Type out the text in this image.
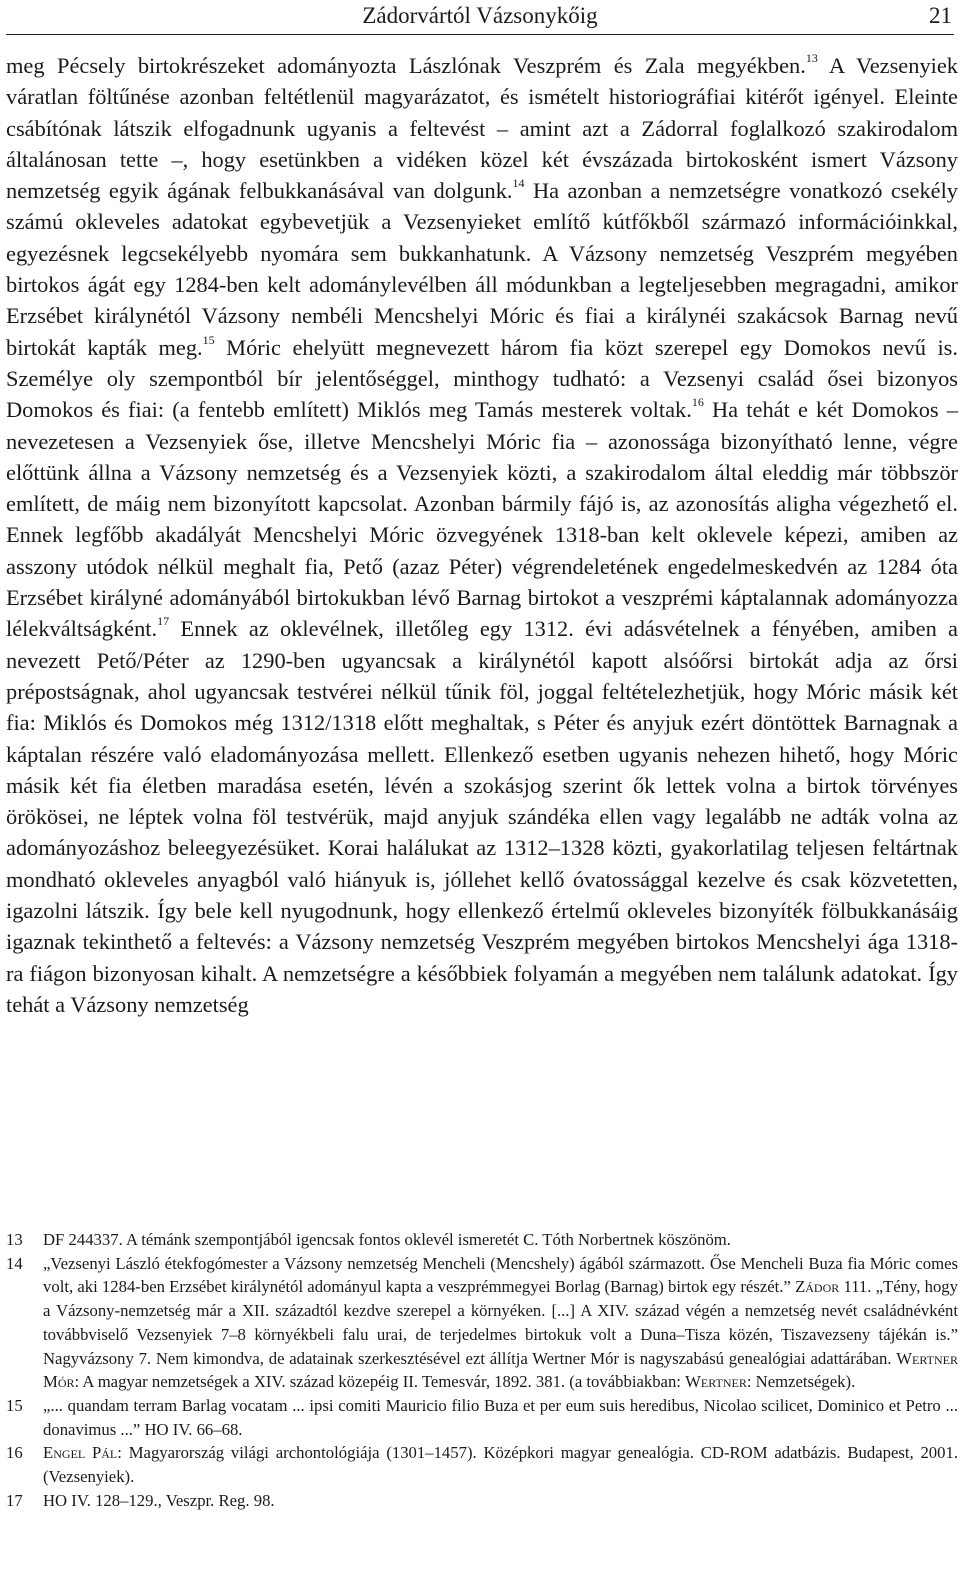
Zádorvártól Vázsonykőig	21

meg Pécsely birtokrészeket adományozta Lászlónak Veszprém és Zala megyékben.$^{13}$ A Vezsenyiek váratlan föltűnése azonban feltétlenül magyarázatot, és ismételt historiográfiai kitérőt igényel. Eleinte csábítónak látszik elfogadnunk ugyanis a feltevést – amint azt a Zádorral foglalkozó szakirodalom általánosan tette –, hogy esetünkben a vidéken közel két évszázada birtokosként ismert Vázsony nemzetség egyik ágának felbukkanásával van dolgunk.$^{14}$ Ha azonban a nemzetségre vonatkozó csekély számú okleveles adatokat egybevetjük a Vezsenyieket említő kútfőkből származó információinkkal, egyezésnek legcsekélyebb nyomára sem bukkanhatunk. A Vázsony nemzetség Veszprém megyében birtokos ágát egy 1284-ben kelt adománylevélben áll módunkban a legteljesebben megragadni, amikor Erzsébet királynétól Vázsony nembéli Mencshelyi Móric és fiai a királynéi szakácsok Barnag nevű birtokát kapták meg.$^{15}$ Móric ehelyütt megnevezett három fia közt szerepel egy Domokos nevű is. Személye oly szempontból bír jelentőséggel, minthogy tudható: a Vezsenyi család ősei bizonyos Domokos és fiai: (a fentebb említett) Miklós meg Tamás mesterek voltak.$^{16}$ Ha tehát e két Domokos – nevezetesen a Vezsenyiek őse, illetve Mencshelyi Móric fia – azonossága bizonyítható lenne, végre előttünk állna a Vázsony nemzetség és a Vezsenyiek közti, a szakirodalom által eleddig már többször említett, de máig nem bizonyított kapcsolat. Azonban bármily fájó is, az azonosítás aligha végezhető el. Ennek legfőbb akadályát Mencshelyi Móric özvegyének 1318-ban kelt oklevele képezi, amiben az asszony utódok nélkül meghalt fia, Pető (azaz Péter) végrendeletének engedelmeskedvén az 1284 óta Erzsébet királyné adományából birtokukban lévő Barnag birtokot a veszprémi káptalannak adományozza lélekváltságként.$^{17}$ Ennek az oklevélnek, illetőleg egy 1312. évi adásvételnek a fényében, amiben a nevezett Pető/Péter az 1290-ben ugyancsak a királynétól kapott alsóőrsi birtokát adja az őrsi prépostságnak, ahol ugyancsak testvérei nélkül tűnik föl, joggal feltételezhetjük, hogy Móric másik két fia: Miklós és Domokos még 1312/1318 előtt meghaltak, s Péter és anyjuk ezért döntöttek Barnagnak a káptalan részére való eladományozása mellett. Ellenkező esetben ugyanis nehezen hihető, hogy Móric másik két fia életben maradása esetén, lévén a szokásjog szerint ők lettek volna a birtok törvényes örökösei, ne léptek volna föl testvérük, majd anyjuk szándéka ellen vagy legalább ne adták volna az adományozáshoz beleegyezésüket. Korai halálukat az 1312–1328 közti, gyakorlatilag teljesen feltártnak mondható okleveles anyagból való hiányuk is, jóllehet kellő óvatossággal kezelve és csak közvetetten, igazolni látszik. Így bele kell nyugodnunk, hogy ellenkező értelmű okleveles bizonyíték fölbukkanásáig igaznak tekinthető a feltevés: a Vázsony nemzetség Veszprém megyében birtokos Mencshelyi ága 1318-ra fiágon bizonyosan kihalt. A nemzetségre a későbbiek folyamán a megyében nem találunk adatokat. Így tehát a Vázsony nemzetség

13	DF 244337. A témánk szempontjából igencsak fontos oklevél ismeretét C. Tóth Norbertnek köszönöm.
14	„Vezsenyi László étekfogómester a Vázsony nemzetség Mencheli (Mencshely) ágából származott. Őse Mencheli Buza fia Móric comes volt, aki 1284-ben Erzsébet királynétól adományul kapta a veszprémmegyei Borlag (Barnag) birtok egy részét.” Zádor 111. „Tény, hogy a Vázsony-nemzetség már a XII. századtól kezdve szerepel a környéken. [...] A XIV. század végén a nemzetség nevét családnévként továbbviselő Vezsenyiek 7–8 környékbeli falu urai, de terjedelmes birtokuk volt a Duna–Tisza közén, Tiszavezseny tájékán is.” Nagyvázsony 7. Nem kimondva, de adatainak szerkesztésével ezt állítja Wertner Mór is nagyszabású genealógiai adattárában. Wertner Mór: A magyar nemzetségek a XIV. század közepéig II. Temesvár, 1892. 381. (a továbbiakban: Wertner: Nemzetségek).
15	„... quandam terram Barlag vocatam ... ipsi comiti Mauricio filio Buza et per eum suis heredibus, Nicolao scilicet, Dominico et Petro ... donavimus ...” HO IV. 66–68.
16	Engel Pál: Magyarország világi archontológiája (1301–1457). Középkori magyar genealógia. CD-ROM adatbázis. Budapest, 2001. (Vezsenyiek).
17	HO IV. 128–129., Veszpr. Reg. 98.
